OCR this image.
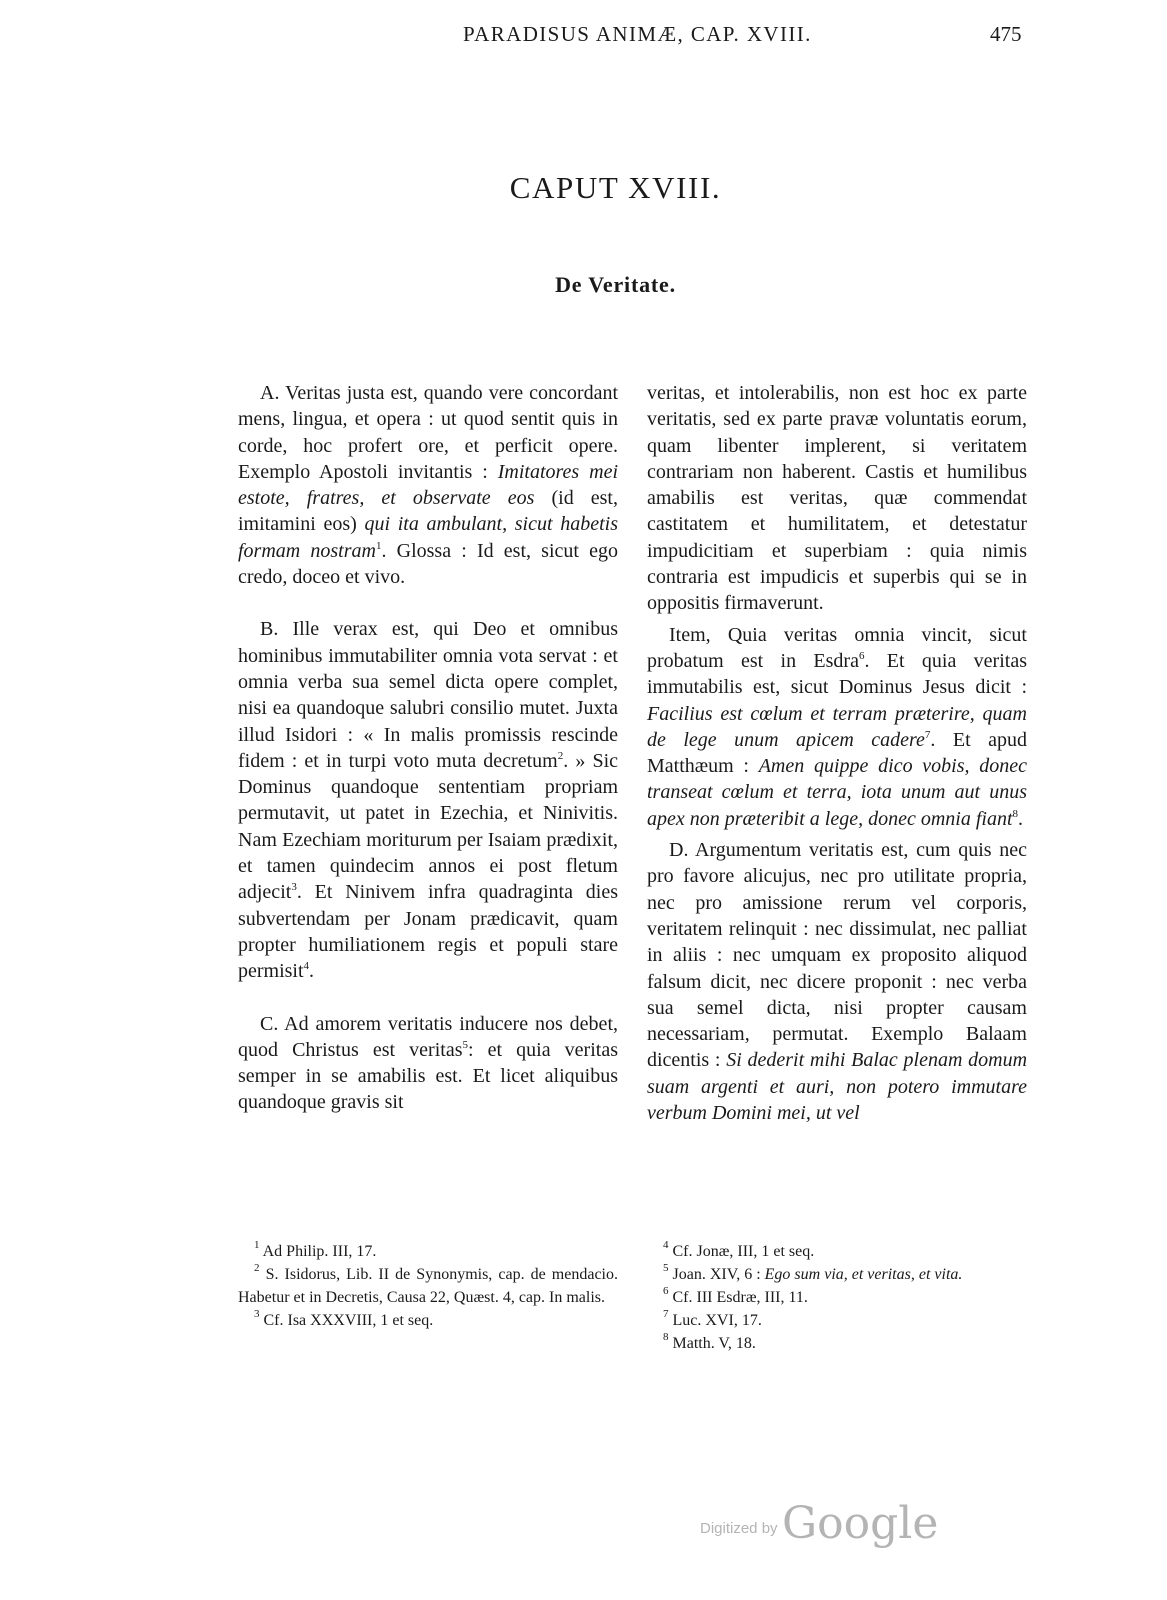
PARADISUS ANIMÆ, CAP. XVIII.	475
CAPUT XVIII.
De Veritate.

A. Veritas justa est, quando vere concordant mens, lingua, et opera : ut quod sentit quis in corde, hoc profert ore, et perficit opere. Exemplo Apostoli invitantis : Imitatores mei estote, fratres, et observate eos (id est, imitamini eos) qui ita ambulant, sicut habetis formam nostram$^1$. Glossa : Id est, sicut ego credo, doceo et vivo.

B. Ille verax est, qui Deo et omnibus hominibus immutabiliter omnia vota servat : et omnia verba sua semel dicta opere complet, nisi ea quandoque salubri consilio mutet. Juxta illud Isidori : « In malis promissis rescinde fidem : et in turpi voto muta decretum$^2$. » Sic Dominus quandoque sententiam propriam permutavit, ut patet in Ezechia, et Ninivitis. Nam Ezechiam moriturum per Isaiam prædixit, et tamen quindecim annos ei post fletum adjecit$^3$. Et Ninivem infra quadraginta dies subvertendam per Jonam prædicavit, quam propter humiliationem regis et populi stare permisit$^4$.

C. Ad amorem veritatis inducere nos debet, quod Christus est veritas$^5$: et quia veritas semper in se amabilis est. Et licet aliquibus quandoque gravis sit

veritas, et intolerabilis, non est hoc ex parte veritatis, sed ex parte pravæ voluntatis eorum, quam libenter implerent, si veritatem contrariam non haberent. Castis et humilibus amabilis est veritas, quæ commendat castitatem et humilitatem, et detestatur impudicitiam et superbiam : quia nimis contraria est impudicis et superbis qui se in oppositis firmaverunt.

Item, Quia veritas omnia vincit, sicut probatum est in Esdra$^6$. Et quia veritas immutabilis est, sicut Dominus Jesus dicit : Facilius est cœlum et terram præterire, quam de lege unum apicem cadere$^7$. Et apud Matthæum : Amen quippe dico vobis, donec transeat cœlum et terra, iota unum aut unus apex non præteribit a lege, donec omnia fiant$^8$.

D. Argumentum veritatis est, cum quis nec pro favore alicujus, nec pro utilitate propria, nec pro amissione rerum vel corporis, veritatem relinquit : nec dissimulat, nec palliat in aliis : nec umquam ex proposito aliquod falsum dicit, nec dicere proponit : nec verba sua semel dicta, nisi propter causam necessariam, permutat. Exemplo Balaam dicentis : Si dederit mihi Balac plenam domum suam argenti et auri, non potero immutare verbum Domini mei, ut vel

$^1$ Ad Philip. III, 17.

$^2$ S. Isidorus, Lib. II de Synonymis, cap. de mendacio. Habetur et in Decretis, Causa 22, Quæst. 4, cap. In malis.

$^3$ Cf. Isa XXXVIII, 1 et seq.

$^4$ Cf. Jonæ, III, 1 et seq.

$^5$ Joan. XIV, 6 : Ego sum via, et veritas, et vita.

$^6$ Cf. III Esdræ, III, 11.

$^7$ Luc. XVI, 17.

$^8$ Matth. V, 18.

Digitized by Google
